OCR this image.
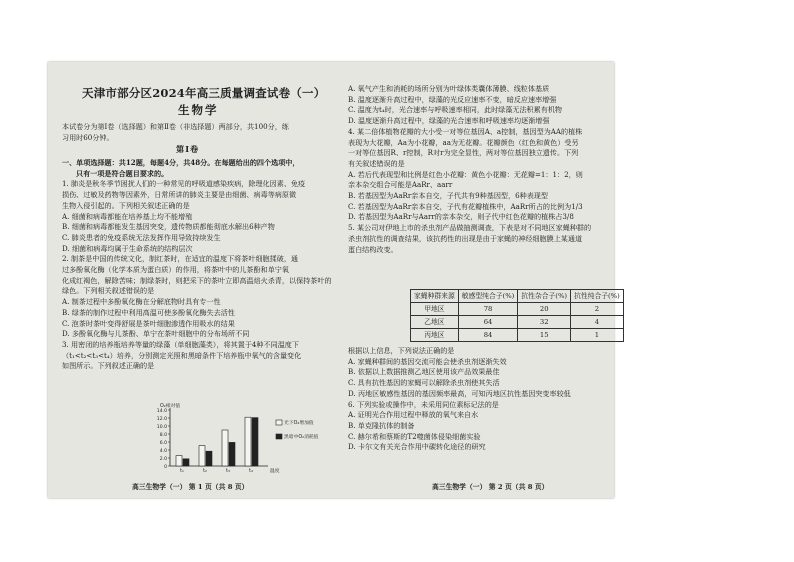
天津市部分区2024年高三质量调查试卷（一）
生物学
本试卷分为第Ⅰ卷（选择题）和第Ⅱ卷（非选择题）两部分，共100分，练
习用时60分钟。
第Ⅰ卷
一、单项选择题：共12题，每题4分，共48分。在每题给出的四个选项中，
只有一项是符合题目要求的。
1. 肺炎是秋冬季节困扰人们的一种常见的呼吸道感染疾病，除理化因素、免疫
损伤、过敏及药物等因素外，日常所讲的肺炎主要是由细菌、病毒等病原微
生物入侵引起的。下列相关叙述正确的是
A. 细菌和病毒都能在培养基上均不能增殖
B. 细菌和病毒都能发生基因突变，遗传物质都能彻底水解出6种产物
C. 肺炎患者的免疫系统无法发挥作用导致持续发生
D. 细菌和病毒均属于生命系统的结构层次
2. 制茶是中国的传统文化，制红茶时，在适宜的温度下将茶叶细胞揉破，通
过多酚氧化酶（化学本质为蛋白质）的作用，将茶叶中的儿茶酚和单宁氧
化成红褐色，解除苦味；制绿茶时，则把采下的茶叶立即高温焙火杀青，以保持茶叶的
绿色。下列相关叙述错误的是
A. 制茶过程中多酚氧化酶在分解底物时具有专一性
B. 绿茶的制作过程中利用高温可使多酚氧化酶失去活性
C. 泡茶时茶叶变得舒展是茶叶细胞渗透作用吸水的结果
D. 多酚氧化酶与儿茶酚、单宁在茶叶细胞中的分布场所不同
3. 用密闭的培养瓶培养等量的绿藻（单细胞藻类），将其置于4种不同温度下
（t₁<t₂<t₃<t₄）培养，分别测定光照和黑暗条件下培养瓶中氧气的含量变化
如图所示。下列叙述正确的是
14.0
12.0
10.0
8.0
6.0
4.0
2.0
0
O₂相对值
t₁	t₂	t₃	t₄	温度
光下O₂增加值
黑暗中O₂消耗值
高三生物学（一） 第 1 页（共 8 页）
A. 氧气产生和消耗的场所分别为叶绿体类囊体薄膜、线粒体基质
B. 温度逐渐升高过程中，绿藻的光反应速率不变，暗反应速率增强
C. 温度为t₄时，光合速率与呼吸速率相同，此时绿藻无法积累有机物
D. 温度逐渐升高过程中，绿藻的光合速率和呼吸速率均逐渐增强
4. 某二倍体植物花瓣的大小受一对等位基因A、a控制，基因型为AA的植株
表现为大花瓣，Aa为小花瓣，aa为无花瓣。花瓣颜色（红色和黄色）受另
一对等位基因R、r控制，R对r为完全显性，两对等位基因独立遗传。下列
有关叙述错误的是
A. 若后代表现型和比例是红色小花瓣：黄色小花瓣：无花瓣=1：1：2，则
亲本杂交组合可能是AaRr、aarr
B. 若基因型为AaRr亲本自交，子代共有9种基因型，6种表现型
C. 若基因型为AaRr亲本自交，子代有花瓣植株中，AaRr所占的比例为1/3
D. 若基因型为AaRr与Aarr的亲本杂交，则子代中红色花瓣的植株占3/8
5. 某公司对伊地上市的杀虫剂产品做抽测调查，下表是对不同地区家蝇种群的
杀虫剂抗性的调查结果，该抗药性的出现是由于家蝇的神经细胞膜上某通道
蛋白结构改变。
家蝇种群来源	敏感型纯合子(%)	抗性杂合子(%)	抗性纯合子(%)
甲地区	78	20	2
乙地区	64	32	4
丙地区	84	15	1
根据以上信息，下列说法正确的是
A. 家蝇种群间的基因交流可能会使杀虫剂逐渐失效
B. 依据以上数据推测乙地区使用该产品效果最佳
C. 具有抗性基因的家蝇可以解除杀虫剂使其失活
D. 丙地区敏感性基因的基因频率最高，可知丙地区抗性基因突变率较低
6. 下列实验或操作中，未采用同位素标记法的是
A. 证明光合作用过程中释放的氧气来自水
B. 单克隆抗体的制备
C. 赫尔希和蔡斯的T2噬菌体侵染细菌实验
D. 卡尔文有关光合作用中碳转化途径的研究
高三生物学（一） 第 2 页（共 8 页）
